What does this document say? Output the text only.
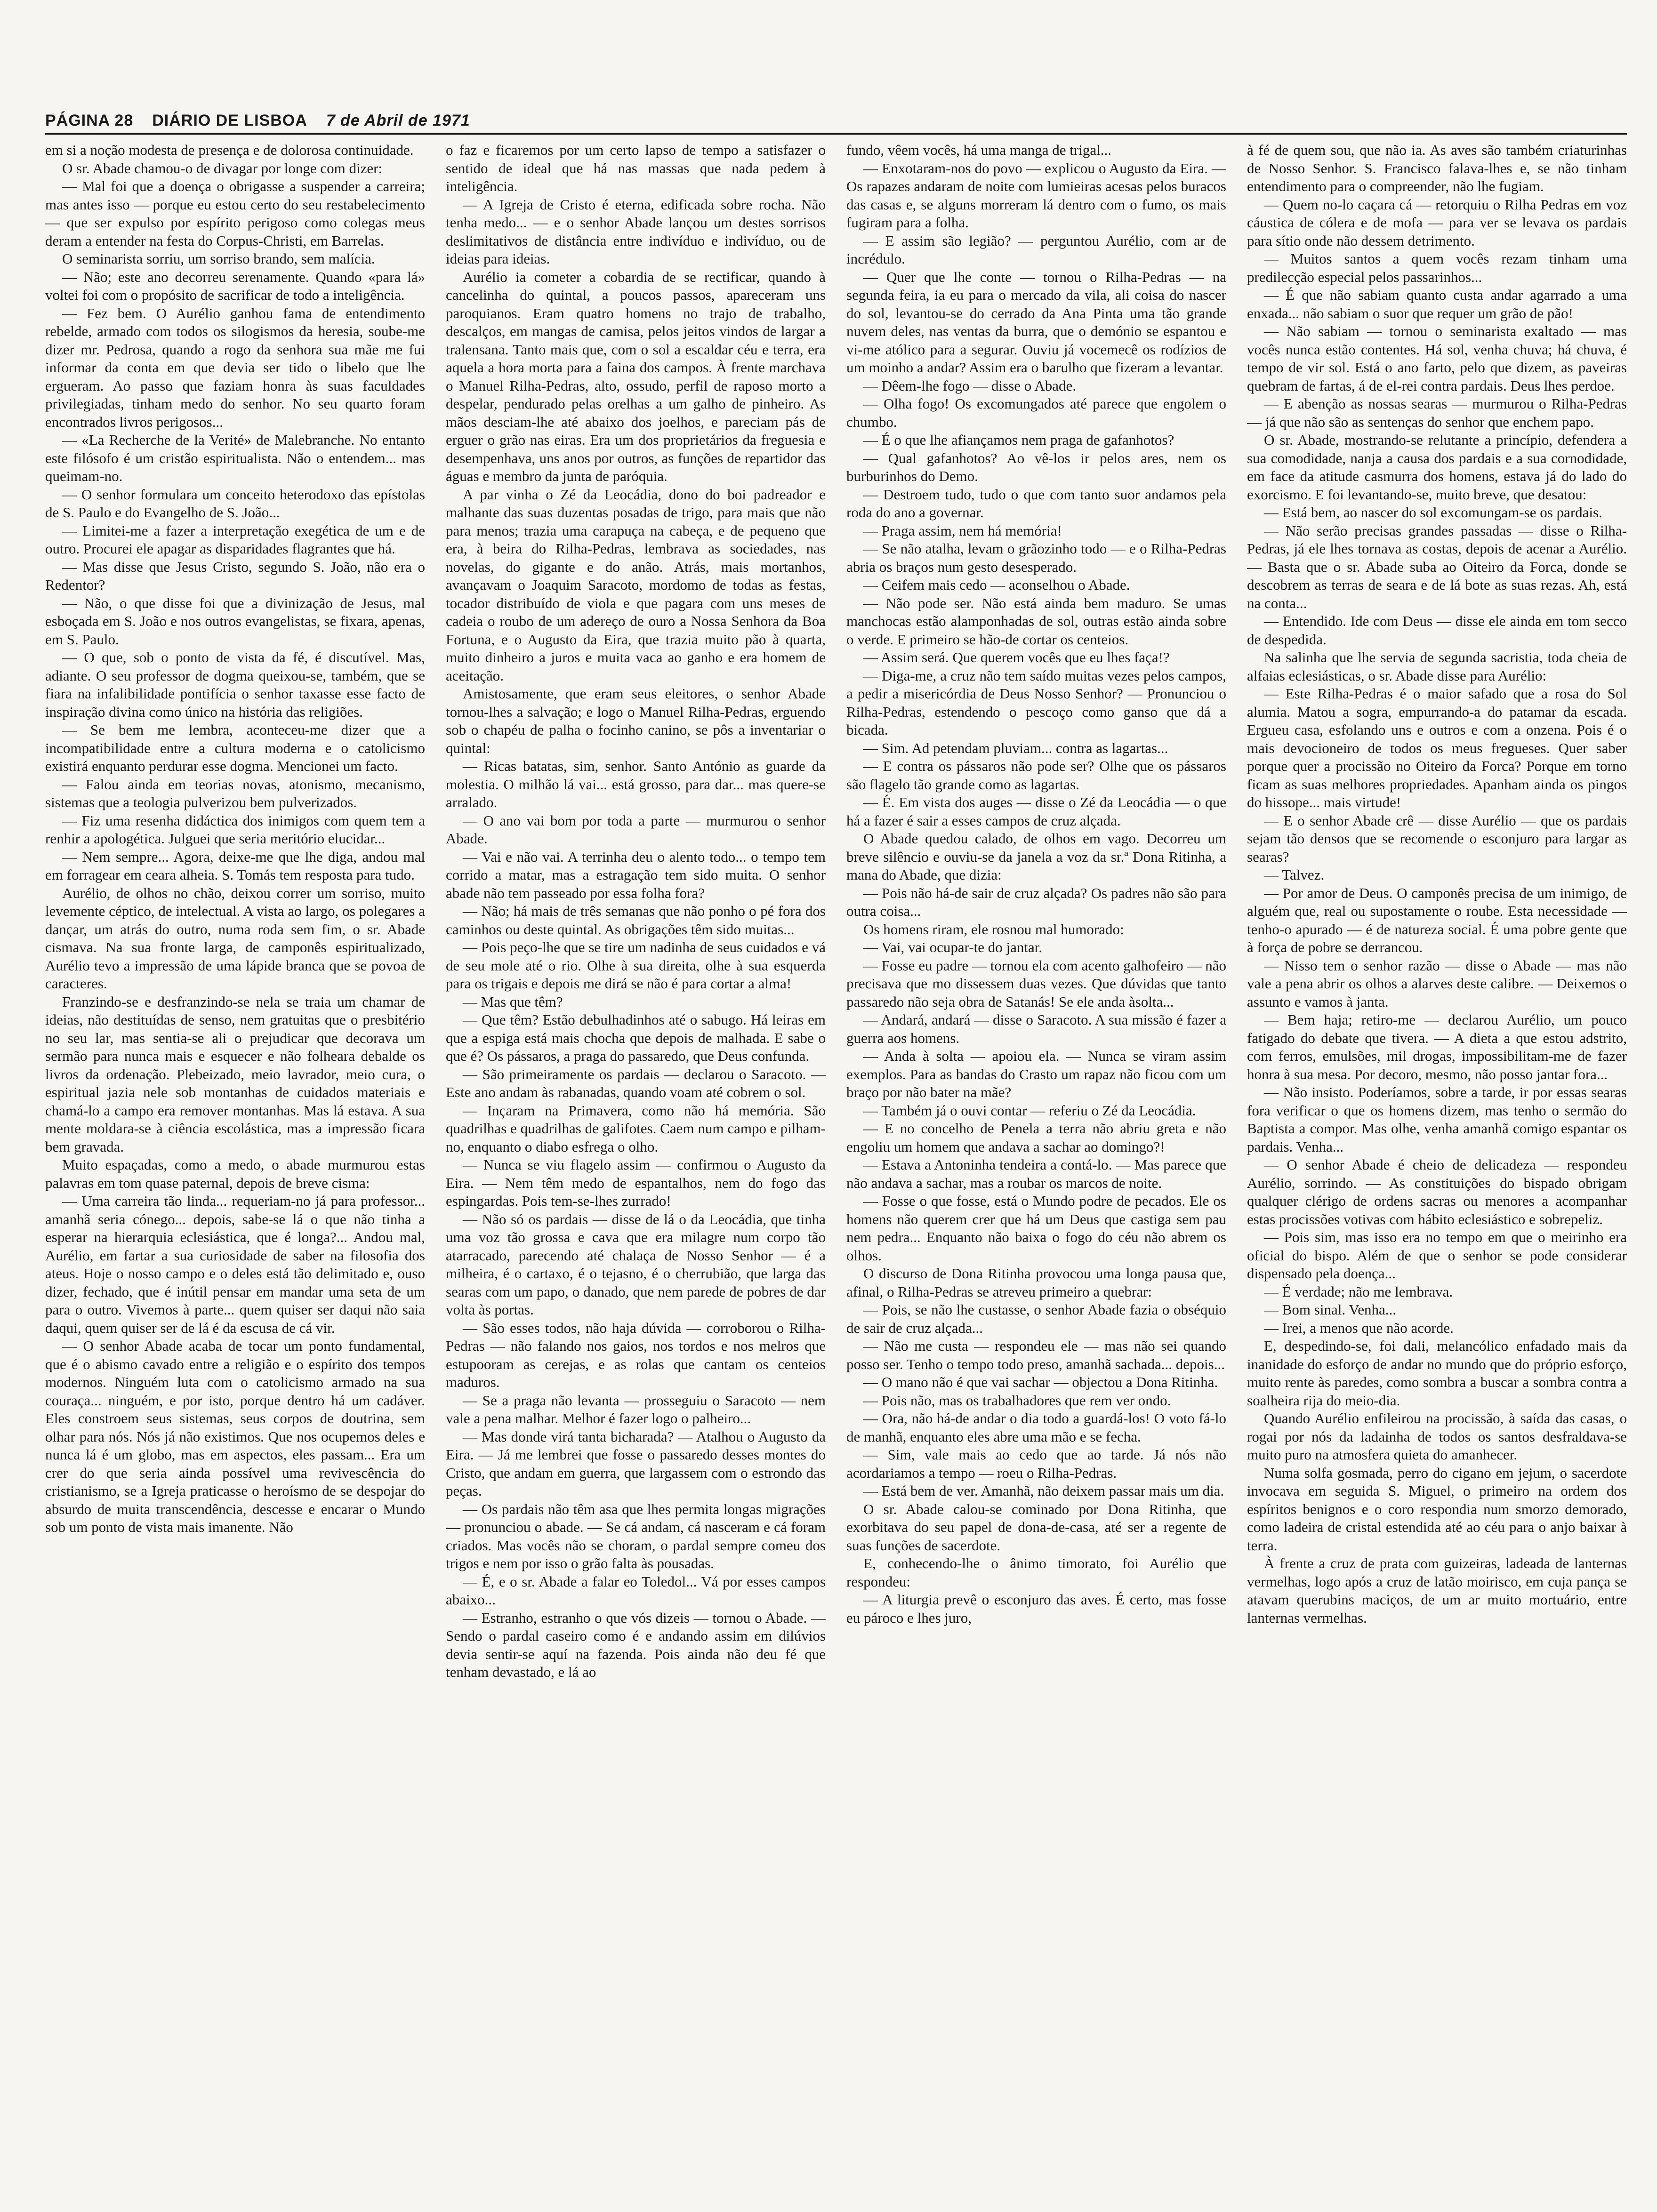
PÁGINA 28 DIÁRIO DE LISBOA 7 de Abril de 1971

em si a noção modesta de presença e de dolorosa continuidade.

O sr. Abade chamou-o de divagar por longe com dizer:

— Mal foi que a doença o obrigasse a suspender a carreira; mas antes isso — porque eu estou certo do seu restabelecimento — que ser expulso por espírito perigoso como colegas meus deram a entender na festa do Corpus-Christi, em Barrelas.

O seminarista sorriu, um sorriso brando, sem malícia.

— Não; este ano decorreu serenamente. Quando «para lá» voltei foi com o propósito de sacrificar de todo a inteligência.

— Fez bem. O Aurélio ganhou fama de entendimento rebelde, armado com todos os silogismos da heresia, soube-me dizer mr. Pedrosa, quando a rogo da senhora sua mãe me fui informar da conta em que devia ser tido o libelo que lhe ergueram. Ao passo que faziam honra às suas faculdades privilegiadas, tinham medo do senhor. No seu quarto foram encontrados livros perigosos...

— «La Recherche de la Verité» de Malebranche. No entanto este filósofo é um cristão espiritualista. Não o entendem... mas queimam-no.

— O senhor formulara um conceito heterodoxo das epístolas de S. Paulo e do Evangelho de S. João...

— Limitei-me a fazer a interpretação exegética de um e de outro. Procurei ele apagar as disparidades flagrantes que há.

— Mas disse que Jesus Cristo, segundo S. João, não era o Redentor?

— Não, o que disse foi que a divinização de Jesus, mal esboçada em S. João e nos outros evangelistas, se fixara, apenas, em S. Paulo.

— O que, sob o ponto de vista da fé, é discutível. Mas, adiante. O seu professor de dogma queixou-se, também, que se fiara na infalibilidade pontifícia o senhor taxasse esse facto de inspiração divina como único na história das religiões.

— Se bem me lembra, aconteceu-me dizer que a incompatibilidade entre a cultura moderna e o catolicismo existirá enquanto perdurar esse dogma. Mencionei um facto.

— Falou ainda em teorias novas, atonismo, mecanismo, sistemas que a teologia pulverizou bem pulverizados.

— Fiz uma resenha didáctica dos inimigos com quem tem a renhir a apologética. Julguei que seria meritório elucidar...

— Nem sempre... Agora, deixe-me que lhe diga, andou mal em forragear em ceara alheia. S. Tomás tem resposta para tudo.

Aurélio, de olhos no chão, deixou correr um sorriso, muito levemente céptico, de intelectual. A vista ao largo, os polegares a dançar, um atrás do outro, numa roda sem fim, o sr. Abade cismava. Na sua fronte larga, de camponês espiritualizado, Aurélio tevo a impressão de uma lápide branca que se povoa de caracteres.

Franzindo-se e desfranzindo-se nela se traia um chamar de ideias, não destituídas de senso, nem gratuitas que o presbitério no seu lar, mas sentia-se ali o prejudicar que decorava um sermão para nunca mais e esquecer e não folheara debalde os livros da ordenação. Plebeizado, meio lavrador, meio cura, o espiritual jazia nele sob montanhas de cuidados materiais e chamá-lo a campo era remover montanhas. Mas lá estava. A sua mente moldara-se à ciência escolástica, mas a impressão ficara bem gravada.

Muito espaçadas, como a medo, o abade murmurou estas palavras em tom quase paternal, depois de breve cisma:

— Uma carreira tão linda... requeriam-no já para professor... amanhã seria cónego... depois, sabe-se lá o que não tinha a esperar na hierarquia eclesiástica, que é longa?... Andou mal, Aurélio, em fartar a sua curiosidade de saber na filosofia dos ateus. Hoje o nosso campo e o deles está tão delimitado e, ouso dizer, fechado, que é inútil pensar em mandar uma seta de um para o outro. Vivemos à parte... quem quiser ser daqui não saia daqui, quem quiser ser de lá é da escusa de cá vir.

— O senhor Abade acaba de tocar um ponto fundamental, que é o abismo cavado entre a religião e o espírito dos tempos modernos. Ninguém luta com o catolicismo armado na sua couraça... ninguém, e por isto, porque dentro há um cadáver. Eles constroem seus sistemas, seus corpos de doutrina, sem olhar para nós. Nós já não existimos. Que nos ocupemos deles e nunca lá é um globo, mas em aspectos, eles passam... Era um crer do que seria ainda possível uma revivescência do cristianismo, se a Igreja praticasse o heroísmo de se despojar do absurdo de muita transcendência, descesse e encarar o Mundo sob um ponto de vista mais imanente. Não

o faz e ficaremos por um certo lapso de tempo a satisfazer o sentido de ideal que há nas massas que nada pedem à inteligência.

— A Igreja de Cristo é eterna, edificada sobre rocha. Não tenha medo... — e o senhor Abade lançou um destes sorrisos deslimitativos de distância entre indivíduo e indivíduo, ou de ideias para ideias.

Aurélio ia cometer a cobardia de se rectificar, quando à cancelinha do quintal, a poucos passos, apareceram uns paroquianos. Eram quatro homens no trajo de trabalho, descalços, em mangas de camisa, pelos jeitos vindos de largar a tralensana. Tanto mais que, com o sol a escaldar céu e terra, era aquela a hora morta para a faina dos campos. À frente marchava o Manuel Rilha-Pedras, alto, ossudo, perfil de raposo morto a despelar, pendurado pelas orelhas a um galho de pinheiro. As mãos desciam-lhe até abaixo dos joelhos, e pareciam pás de erguer o grão nas eiras. Era um dos proprietários da freguesia e desempenhava, uns anos por outros, as funções de repartidor das águas e membro da junta de paróquia.

A par vinha o Zé da Leocádia, dono do boi padreador e malhante das suas duzentas posadas de trigo, para mais que não para menos; trazia uma carapuça na cabeça, e de pequeno que era, à beira do Rilha-Pedras, lembrava as sociedades, nas novelas, do gigante e do anão. Atrás, mais mortanhos, avançavam o Joaquim Saracoto, mordomo de todas as festas, tocador distribuído de viola e que pagara com uns meses de cadeia o roubo de um adereço de ouro a Nossa Senhora da Boa Fortuna, e o Augusto da Eira, que trazia muito pão à quarta, muito dinheiro a juros e muita vaca ao ganho e era homem de aceitação.

Amistosamente, que eram seus eleitores, o senhor Abade tornou-lhes a salvação; e logo o Manuel Rilha-Pedras, erguendo sob o chapéu de palha o focinho canino, se pôs a inventariar o quintal:

— Ricas batatas, sim, senhor. Santo António as guarde da molestia. O milhão lá vai... está grosso, para dar... mas quere-se arralado.

— O ano vai bom por toda a parte — murmurou o senhor Abade.

— Vai e não vai. A terrinha deu o alento todo... o tempo tem corrido a matar, mas a estragação tem sido muita. O senhor abade não tem passeado por essa folha fora?

— Não; há mais de três semanas que não ponho o pé fora dos caminhos ou deste quintal. As obrigações têm sido muitas...

— Pois peço-lhe que se tire um nadinha de seus cuidados e vá de seu mole até o rio. Olhe à sua direita, olhe à sua esquerda para os trigais e depois me dirá se não é para cortar a alma!

— Mas que têm?

— Que têm? Estão debulhadinhos até o sabugo. Há leiras em que a espiga está mais chocha que depois de malhada. E sabe o que é? Os pássaros, a praga do passaredo, que Deus confunda.

— São primeiramente os pardais — declarou o Saracoto. — Este ano andam às rabanadas, quando voam até cobrem o sol.

— Inçaram na Primavera, como não há memória. São quadrilhas e quadrilhas de galifotes. Caem num campo e pilham-no, enquanto o diabo esfrega o olho.

— Nunca se viu flagelo assim — confirmou o Augusto da Eira. — Nem têm medo de espantalhos, nem do fogo das espingardas. Pois tem-se-lhes zurrado!

— Não só os pardais — disse de lá o da Leocádia, que tinha uma voz tão grossa e cava que era milagre num corpo tão atarracado, parecendo até chalaça de Nosso Senhor — é a milheira, é o cartaxo, é o tejasno, é o cherrubião, que larga das searas com um papo, o danado, que nem parede de pobres de dar volta às portas.

— São esses todos, não haja dúvida — corroborou o Rilha-Pedras — não falando nos gaios, nos tordos e nos melros que estupooram as cerejas, e as rolas que cantam os centeios maduros.

— Se a praga não levanta — prosseguiu o Saracoto — nem vale a pena malhar. Melhor é fazer logo o palheiro...

— Mas donde virá tanta bicharada? — Atalhou o Augusto da Eira. — Já me lembrei que fosse o passaredo desses montes do Cristo, que andam em guerra, que largassem com o estrondo das peças.

— Os pardais não têm asa que lhes permita longas migrações — pronunciou o abade. — Se cá andam, cá nasceram e cá foram criados. Mas vocês não se choram, o pardal sempre comeu dos trigos e nem por isso o grão falta às pousadas.

— É, e o sr. Abade a falar eo Toledol... Vá por esses campos abaixo...

— Estranho, estranho o que vós dizeis — tornou o Abade. — Sendo o pardal caseiro como é e andando assim em dilúvios devia sentir-se aquí na fazenda. Pois ainda não deu fé que tenham devastado, e lá ao

fundo, vêem vocês, há uma manga de trigal...

— Enxotaram-nos do povo — explicou o Augusto da Eira. — Os rapazes andaram de noite com lumieiras acesas pelos buracos das casas e, se alguns morreram lá dentro com o fumo, os mais fugiram para a folha.

— E assim são legião? — perguntou Aurélio, com ar de incrédulo.

— Quer que lhe conte — tornou o Rilha-Pedras — na segunda feira, ia eu para o mercado da vila, ali coisa do nascer do sol, levantou-se do cerrado da Ana Pinta uma tão grande nuvem deles, nas ventas da burra, que o demónio se espantou e vi-me atólico para a segurar. Ouviu já vocemecê os rodízios de um moinho a andar? Assim era o barulho que fizeram a levantar.

— Dêem-lhe fogo — disse o Abade.

— Olha fogo! Os excomungados até parece que engolem o chumbo.

— É o que lhe afiançamos nem praga de gafanhotos?

— Qual gafanhotos? Ao vê-los ir pelos ares, nem os burburinhos do Demo.

— Destroem tudo, tudo o que com tanto suor andamos pela roda do ano a governar.

— Praga assim, nem há memória!

— Se não atalha, levam o grãozinho todo — e o Rilha-Pedras abria os braços num gesto desesperado.

— Ceifem mais cedo — aconselhou o Abade.

— Não pode ser. Não está ainda bem maduro. Se umas manchocas estão alamponhadas de sol, outras estão ainda sobre o verde. E primeiro se hão-de cortar os centeios.

— Assim será. Que querem vocês que eu lhes faça!?

— Diga-me, a cruz não tem saído muitas vezes pelos campos, a pedir a misericórdia de Deus Nosso Senhor? — Pronunciou o Rilha-Pedras, estendendo o pescoço como ganso que dá a bicada.

— Sim. Ad petendam pluviam... contra as lagartas...

— E contra os pássaros não pode ser? Olhe que os pássaros são flagelo tão grande como as lagartas.

— É. Em vista dos auges — disse o Zé da Leocádia — o que há a fazer é sair a esses campos de cruz alçada.

O Abade quedou calado, de olhos em vago. Decorreu um breve silêncio e ouviu-se da janela a voz da sr.ª Dona Ritinha, a mana do Abade, que dizia:

— Pois não há-de sair de cruz alçada? Os padres não são para outra coisa...

Os homens riram, ele rosnou mal humorado:

— Vai, vai ocupar-te do jantar.

— Fosse eu padre — tornou ela com acento galhofeiro — não precisava que mo dissessem duas vezes. Que dúvidas que tanto passaredo não seja obra de Satanás! Se ele anda àsolta...

— Andará, andará — disse o Saracoto. A sua missão é fazer a guerra aos homens.

— Anda à solta — apoiou ela. — Nunca se viram assim exemplos. Para as bandas do Crasto um rapaz não ficou com um braço por não bater na mãe?

— Também já o ouvi contar — referiu o Zé da Leocádia.

— E no concelho de Penela a terra não abriu greta e não engoliu um homem que andava a sachar ao domingo?!

— Estava a Antoninha tendeira a contá-lo. — Mas parece que não andava a sachar, mas a roubar os marcos de noite.

— Fosse o que fosse, está o Mundo podre de pecados. Ele os homens não querem crer que há um Deus que castiga sem pau nem pedra... Enquanto não baixa o fogo do céu não abrem os olhos.

O discurso de Dona Ritinha provocou uma longa pausa que, afinal, o Rilha-Pedras se atreveu primeiro a quebrar:

— Pois, se não lhe custasse, o senhor Abade fazia o obséquio de sair de cruz alçada...

— Não me custa — respondeu ele — mas não sei quando posso ser. Tenho o tempo todo preso, amanhã sachada... depois...

— O mano não é que vai sachar — objectou a Dona Ritinha.

— Pois não, mas os trabalhadores que rem ver ondo.

— Ora, não há-de andar o dia todo a guardá-los! O voto fá-lo de manhã, enquanto eles abre uma mão e se fecha.

— Sim, vale mais ao cedo que ao tarde. Já nós não acordariamos a tempo — roeu o Rilha-Pedras.

— Está bem de ver. Amanhã, não deixem passar mais um dia.

O sr. Abade calou-se cominado por Dona Ritinha, que exorbitava do seu papel de dona-de-casa, até ser a regente de suas funções de sacerdote.

E, conhecendo-lhe o ânimo timorato, foi Aurélio que respondeu:

— A liturgia prevê o esconjuro das aves. É certo, mas fosse eu pároco e lhes juro,

à fé de quem sou, que não ia. As aves são também criaturinhas de Nosso Senhor. S. Francisco falava-lhes e, se não tinham entendimento para o compreender, não lhe fugiam.

— Quem no-lo caçara cá — retorquiu o Rilha Pedras em voz cáustica de cólera e de mofa — para ver se levava os pardais para sítio onde não dessem detrimento.

— Muitos santos a quem vocês rezam tinham uma predilecção especial pelos passarinhos...

— É que não sabiam quanto custa andar agarrado a uma enxada... não sabiam o suor que requer um grão de pão!

— Não sabiam — tornou o seminarista exaltado — mas vocês nunca estão contentes. Há sol, venha chuva; há chuva, é tempo de vir sol. Está o ano farto, pelo que dizem, as paveiras quebram de fartas, á de el-rei contra pardais. Deus lhes perdoe.

— E abenção as nossas searas — murmurou o Rilha-Pedras — já que não são as sentenças do senhor que enchem papo.

O sr. Abade, mostrando-se relutante a princípio, defendera a sua comodidade, nanja a causa dos pardais e a sua cornodidade, em face da atitude casmurra dos homens, estava já do lado do exorcismo. E foi levantando-se, muito breve, que desatou:

— Está bem, ao nascer do sol excomungam-se os pardais.

— Não serão precisas grandes passadas — disse o Rilha-Pedras, já ele lhes tornava as costas, depois de acenar a Aurélio. — Basta que o sr. Abade suba ao Oiteiro da Forca, donde se descobrem as terras de seara e de lá bote as suas rezas. Ah, está na conta...

— Entendido. Ide com Deus — disse ele ainda em tom secco de despedida.

Na salinha que lhe servia de segunda sacristia, toda cheia de alfaias eclesiásticas, o sr. Abade disse para Aurélio:

— Este Rilha-Pedras é o maior safado que a rosa do Sol alumia. Matou a sogra, empurrando-a do patamar da escada. Ergueu casa, esfolando uns e outros e com a onzena. Pois é o mais devocioneiro de todos os meus fregueses. Quer saber porque quer a procissão no Oiteiro da Forca? Porque em torno ficam as suas melhores propriedades. Apanham ainda os pingos do hissope... mais virtude!

— E o senhor Abade crê — disse Aurélio — que os pardais sejam tão densos que se recomende o esconjuro para largar as searas?

— Talvez.

— Por amor de Deus. O camponês precisa de um inimigo, de alguém que, real ou supostamente o roube. Esta necessidade — tenho-o apurado — é de natureza social. É uma pobre gente que à força de pobre se derrancou.

— Nisso tem o senhor razão — disse o Abade — mas não vale a pena abrir os olhos a alarves deste calibre. — Deixemos o assunto e vamos à janta.

— Bem haja; retiro-me — declarou Aurélio, um pouco fatigado do debate que tivera. — A dieta a que estou adstrito, com ferros, emulsões, mil drogas, impossibilitam-me de fazer honra à sua mesa. Por decoro, mesmo, não posso jantar fora...

— Não insisto. Poderíamos, sobre a tarde, ir por essas searas fora verificar o que os homens dizem, mas tenho o sermão do Baptista a compor. Mas olhe, venha amanhã comigo espantar os pardais. Venha...

— O senhor Abade é cheio de delicadeza — respondeu Aurélio, sorrindo. — As constituições do bispado obrigam qualquer clérigo de ordens sacras ou menores a acompanhar estas procissões votivas com hábito eclesiástico e sobrepeliz.

— Pois sim, mas isso era no tempo em que o meirinho era oficial do bispo. Além de que o senhor se pode considerar dispensado pela doença...

— É verdade; não me lembrava.

— Bom sinal. Venha...

— Irei, a menos que não acorde.

E, despedindo-se, foi dali, melancólico enfadado mais da inanidade do esforço de andar no mundo que do próprio esforço, muito rente às paredes, como sombra a buscar a sombra contra a soalheira rija do meio-dia.

Quando Aurélio enfileirou na procissão, à saída das casas, o rogai por nós da ladainha de todos os santos desfraldava-se muito puro na atmosfera quieta do amanhecer.

Numa solfa gosmada, perro do cigano em jejum, o sacerdote invocava em seguida S. Miguel, o primeiro na ordem dos espíritos benignos e o coro respondia num smorzo demorado, como ladeira de cristal estendida até ao céu para o anjo baixar à terra.

À frente a cruz de prata com guizeiras, ladeada de lanternas vermelhas, logo após a cruz de latão moirisco, em cuja pança se atavam querubins maciços, de um ar muito mortuário, entre lanternas vermelhas.
